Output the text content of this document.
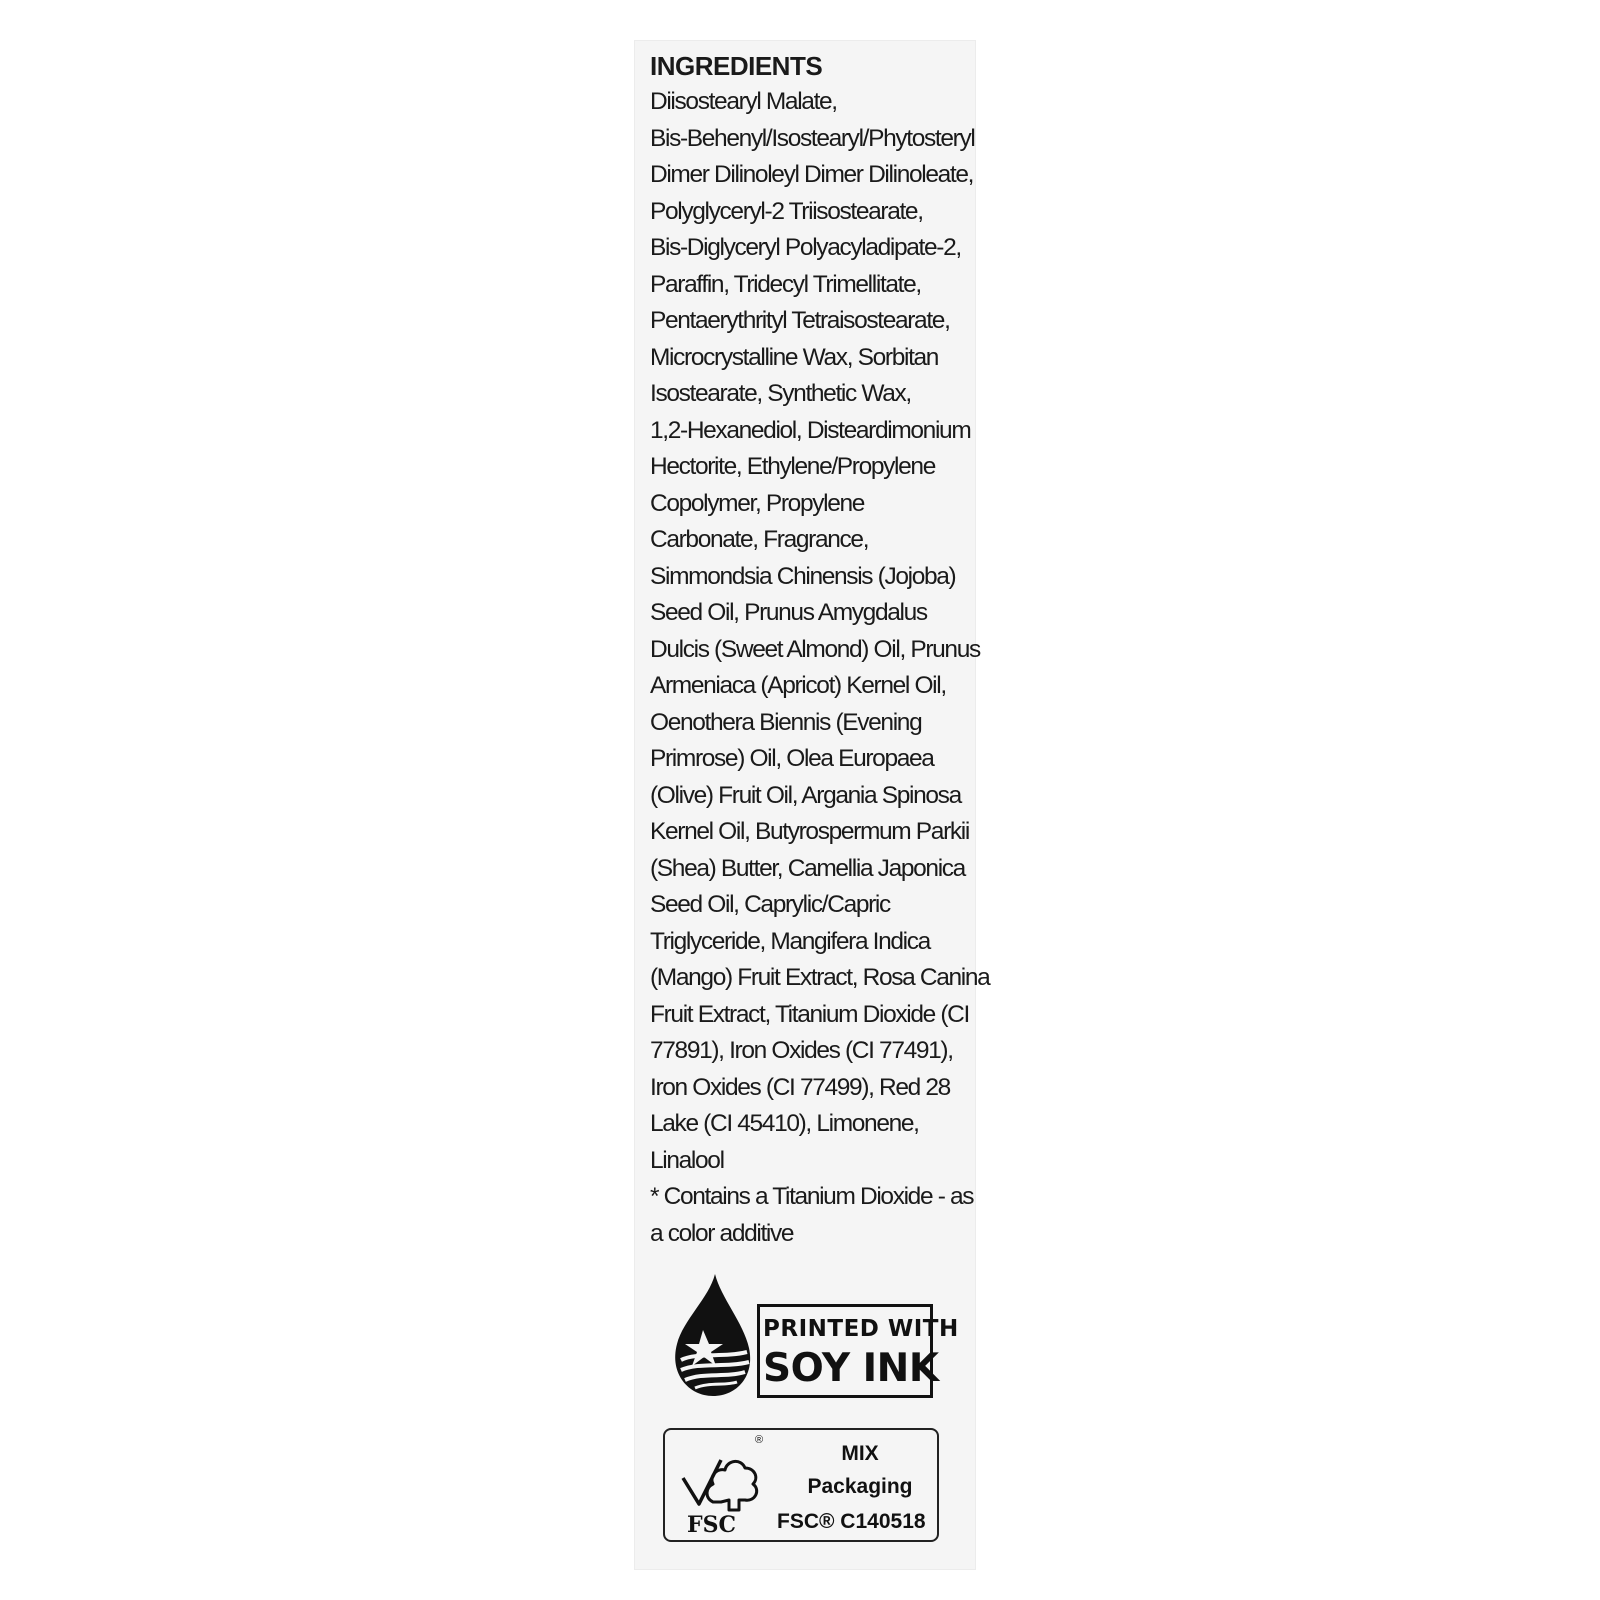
INGREDIENTS
Diisostearyl Malate,
Bis-Behenyl/Isostearyl/Phytosteryl
Dimer Dilinoleyl Dimer Dilinoleate,
Polyglyceryl-2 Triisostearate,
Bis-Diglyceryl Polyacyladipate-2,
Paraffin, Tridecyl Trimellitate,
Pentaerythrityl Tetraisostearate,
Microcrystalline Wax, Sorbitan
Isostearate, Synthetic Wax,
1,2-Hexanediol, Disteardimonium
Hectorite, Ethylene/Propylene
Copolymer, Propylene
Carbonate, Fragrance,
Simmondsia Chinensis (Jojoba)
Seed Oil, Prunus Amygdalus
Dulcis (Sweet Almond) Oil, Prunus
Armeniaca (Apricot) Kernel Oil,
Oenothera Biennis (Evening
Primrose) Oil, Olea Europaea
(Olive) Fruit Oil, Argania Spinosa
Kernel Oil, Butyrospermum Parkii
(Shea) Butter, Camellia Japonica
Seed Oil, Caprylic/Capric
Triglyceride, Mangifera Indica
(Mango) Fruit Extract, Rosa Canina
Fruit Extract, Titanium Dioxide (CI
77891), Iron Oxides (CI 77491),
Iron Oxides (CI 77499), Red 28
Lake (CI 45410), Limonene,
Linalool
* Contains a Titanium Dioxide - as
a color additive
PRINTED WITH
SOY INK
®
FSC
MIX
Packaging
FSC® C140518
